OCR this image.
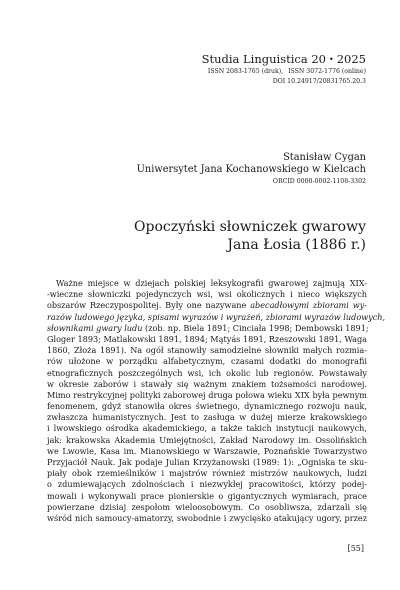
Studia Linguistica 20 • 2025
ISSN 2083-1765 (druk), ISSN 3072-1776 (online)
DOI 10.24917/20831765.20.3
Stanisław Cygan
Uniwersytet Jana Kochanowskiego w Kielcach
ORCID 0000-0002-1108-3302
Opoczyński słowniczek gwarowy
Jana Łosia (1886 r.)
Ważne miejsce w dziejach polskiej leksykografii gwarowej zajmują XIX-
-wieczne słowniczki pojedynczych wsi, wsi okolicznych i nieco większych
obszarów Rzeczypospolitej. Były one nazywane abecadłowymi zbiorami wy-
razów ludowego języka, spisami wyrazów i wyrażeń, zbiorami wyrazów ludowych,
słownikami gwary ludu (zob. np. Biela 1891; Cinciała 1998; Dembowski 1891;
Gloger 1893; Matlakowski 1891, 1894; Mątyás 1891, Rzeszowski 1891, Waga
1860, Złoża 1891). Na ogół stanowiły samodzielne słowniki małych rozmia-
rów ułożone w porządku alfabetycznym, czasami dodatki do monografii
etnograficznych poszczególnych wsi, ich okolic lub regionów. Powstawały
w okresie zaborów i stawały się ważnym znakiem tożsamości narodowej.
Mimo restrykcyjnej polityki zaborowej druga połowa wieku XIX była pewnym
fenomenem, gdyż stanowiła okres świetnego, dynamicznego rozwoju nauk,
zwłaszcza humanistycznych. Jest to zasługa w dużej mierze krakowskiego
i lwowskiego ośrodka akademickiego, a także takich instytucji naukowych,
jak: krakowska Akademia Umiejętności, Zakład Narodowy im. Ossolińskich
we Lwowie, Kasa im. Mianowskiego w Warszawie, Poznańskie Towarzystwo
Przyjaciół Nauk. Jak podaje Julian Krzyżanowski (1989: 1): „Ogniska te sku-
piały obok rzemieślników i majstrów również mistrzów naukowych, ludzi
o zdumiewających zdolnościach i niezwykłej pracowitości, którzy podej-
mowali i wykonywali prace pionierskie o gigantycznych wymiarach, prace
powierzane dzisiaj zespołom wieloosobowym. Co osobliwsza, zdarzali się
wśród nich samoucy-amatorzy, swobodnie i zwycięsko atakujący ugory, przez
[55]
